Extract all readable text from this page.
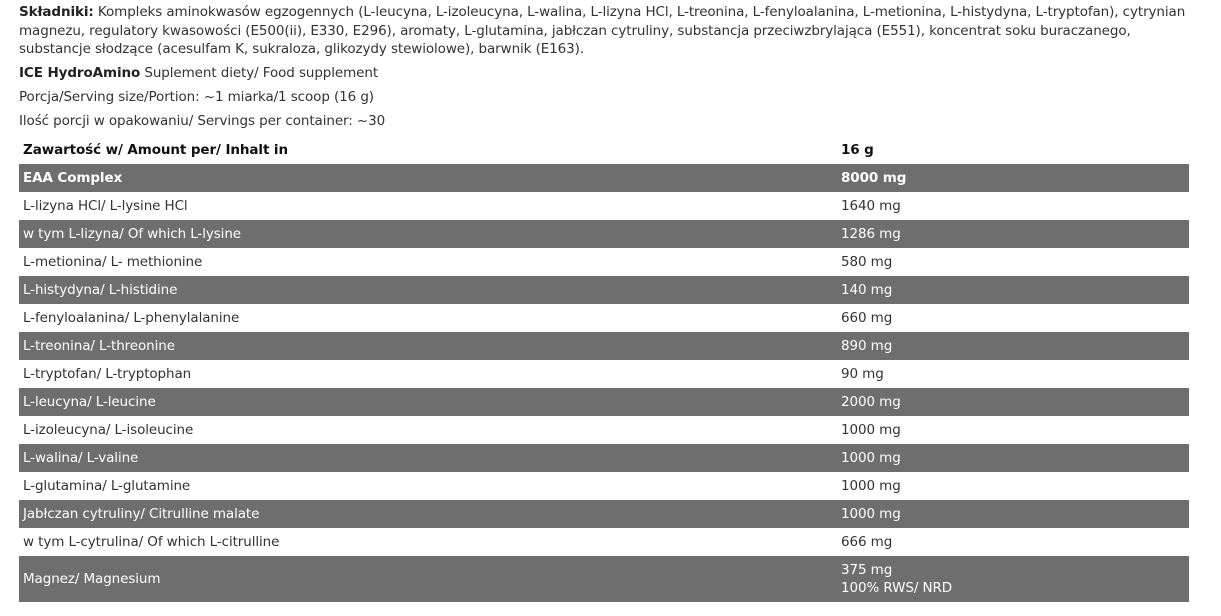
Składniki: Kompleks aminokwasów egzogennych (L-leucyna, L-izoleucyna, L-walina, L-lizyna HCl, L-treonina, L-fenyloalanina, L-metionina, L-histydyna, L-tryptofan), cytrynian magnezu, regulatory kwasowości (E500(ii), E330, E296), aromaty, L-glutamina, jabłczan cytruliny, substancja przeciwzbrylająca (E551), koncentrat soku buraczanego, substancje słodzące (acesulfam K, sukraloza, glikozydy stewiolowe), barwnik (E163).

ICE HydroAmino Suplement diety/ Food supplement

Porcja/Serving size/Portion: ~1 miarka/1 scoop (16 g)

Ilość porcji w opakowaniu/ Servings per container: ~30

Zawartość w/ Amount per/ Inhalt in	16 g
EAA Complex	8000 mg
L-lizyna HCl/ L-lysine HCl	1640 mg
w tym L-lizyna/ Of which L-lysine	1286 mg
L-metionina/ L- methionine	580 mg
L-histydyna/ L-histidine	140 mg
L-fenyloalanina/ L-phenylalanine	660 mg
L-treonina/ L-threonine	890 mg
L-tryptofan/ L-tryptophan	90 mg
L-leucyna/ L-leucine	2000 mg
L-izoleucyna/ L-isoleucine	1000 mg
L-walina/ L-valine	1000 mg
L-glutamina/ L-glutamine	1000 mg
Jabłczan cytruliny/ Citrulline malate	1000 mg
w tym L-cytrulina/ Of which L-citrulline	666 mg
Magnez/ Magnesium	375 mg
100% RWS/ NRD
